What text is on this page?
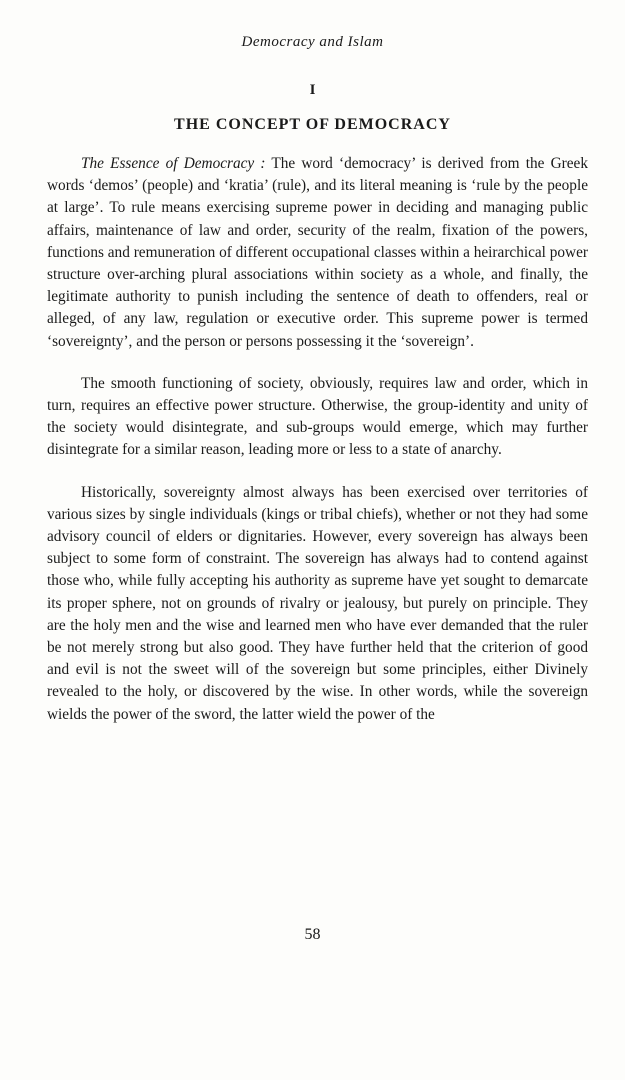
Democracy and Islam
I
THE CONCEPT OF DEMOCRACY

The Essence of Democracy : The word ‘democracy’ is derived from the Greek words ‘demos’ (people) and ‘kratia’ (rule), and its literal meaning is ‘rule by the people at large’. To rule means exercising supreme power in deciding and managing public affairs, maintenance of law and order, security of the realm, fixation of the powers, functions and remuneration of different occupational classes within a heirarchical power structure over-arching plural associations within society as a whole, and finally, the legitimate authority to punish including the sentence of death to offenders, real or alleged, of any law, regulation or executive order. This supreme power is termed ‘sovereignty’, and the person or persons possessing it the ‘sovereign’.

The smooth functioning of society, obviously, requires law and order, which in turn, requires an effective power structure. Otherwise, the group-identity and unity of the society would disintegrate, and sub-groups would emerge, which may further disintegrate for a similar reason, leading more or less to a state of anarchy.

Historically, sovereignty almost always has been exercised over territories of various sizes by single individuals (kings or tribal chiefs), whether or not they had some advisory council of elders or dignitaries. However, every sovereign has always been subject to some form of constraint. The sovereign has always had to contend against those who, while fully accepting his authority as supreme have yet sought to demarcate its proper sphere, not on grounds of rivalry or jealousy, but purely on principle. They are the holy men and the wise and learned men who have ever demanded that the ruler be not merely strong but also good. They have further held that the criterion of good and evil is not the sweet will of the sovereign but some principles, either Divinely revealed to the holy, or discovered by the wise. In other words, while the sovereign wields the power of the sword, the latter wield the power of the

58
